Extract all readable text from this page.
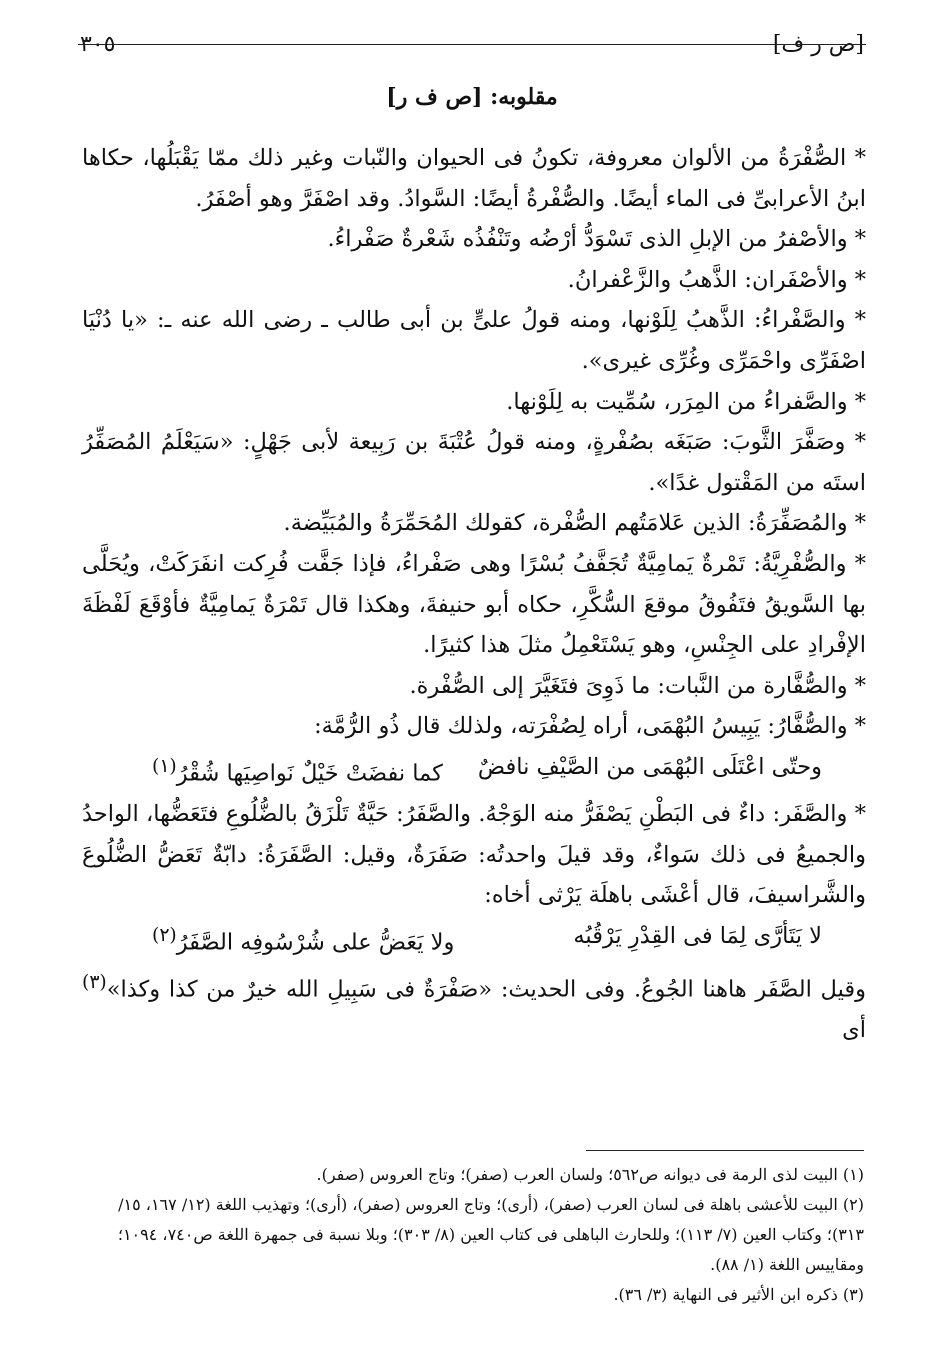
[ص ر ف]
٣٠٥
مقلوبه: [ص ف ر]

* الصُّفْرَةُ من الألوان معروفة، تكونُ فى الحيوان والنّبات وغير ذلك ممّا يَقْبَلُها، حكاها ابنُ الأعرابىِّ فى الماء أيضًا. والصُّفْرةُ أيضًا: السَّوادُ. وقد اصْفَرَّ وهو أصْفَرُ.

* والأصْفرُ من الإبلِ الذى تَسْوَدُّ أرْضُه وتَنْفُذُه شَعْرةٌ صَفْراءُ.

* والأصْفَران: الذَّهبُ والزَّعْفرانُ.

* والصَّفْراءُ: الذَّهبُ لِلَوْنها، ومنه قولُ علىٍّ بن أبى طالب ـ رضى الله عنه ـ: «يا دُنْيَا اصْفَرِّى واحْمَرِّى وغُرِّى غيرى».

* والصَّفراءُ من المِرَر، سُمِّيت به لِلَوْنها.

* وصَفَّرَ الثَّوبَ: صَبَغَه بصُفْرةٍ، ومنه قولُ عُتْبَةَ بن رَبِيعة لأبى جَهْلٍ: «سَيَعْلَمُ المُصَفِّرُ استَه من المَقْتول غدًا».

* والمُصَفِّرَةُ: الذين عَلامَتُهم الصُّفْرة، كقولك المُحَمِّرَةُ والمُبَيِّضة.

* والصُّفْرِيَّةُ: تَمْرةٌ يَمامِيَّةٌ تُجَفَّفُ بُسْرًا وهى صَفْراءُ، فإذا جَفَّت فُرِكت انفَرَكَتْ، ويُحَلَّى بها السَّويقُ فتَفُوقُ موقعَ السُّكَّرِ، حكاه أبو حنيفةَ، وهكذا قال تَمْرَةٌ يَمامِيَّةٌ فأوْقَعَ لَفْظَةَ الإفْرادِ على الجِنْسِ، وهو يَسْتَعْمِلُ مثلَ هذا كثيرًا.

* والصُّفَّارة من النَّبات: ما ذَوِىَ فتَغَيَّرَ إلى الصُّفْرة.

* والصُّفَّارُ: يَبِيسُ البُهْمَى، أراه لِصُفْرَته، ولذلك قال ذُو الرُّمَّة:

وحتّى اعْتَلَى البُهْمَى من الصَّيْفِ نافضٌ
كما نفضَتْ خَيْلٌ نَواصِيَها شُقْرُ$^{(١)}$

* والصَّفَر: داءٌ فى البَطْنِ يَصْفَرُّ منه الوَجْهُ. والصَّفَرُ: حَيَّةٌ تَلْزَقُ بالضُّلُوعِ فتَعَضُّها، الواحدُ والجميعُ فى ذلك سَواءٌ، وقد قيلَ واحدتُه: صَفَرَةٌ، وقيل: الصَّفَرَةُ: دابّةٌ تَعَضُّ الضُّلُوعَ والشَّراسيفَ، قال أعْشَى باهلَة يَرْثى أخاه:

لا يَتَأرَّى لِمَا فى القِدْرِ يَرْقُبُه
ولا يَعَضُّ على شُرْسُوفِه الصَّفَرُ$^{(٢)}$

وقيل الصَّفَر هاهنا الجُوعُ. وفى الحديث: «صَفْرَةٌ فى سَبِيلِ الله خيرٌ من كذا وكذا»$^{(٣)}$ أى

(١) البيت لذى الرمة فى ديوانه ص٥٦٢؛ ولسان العرب (صفر)؛ وتاج العروس (صفر).

(٢) البيت للأعشى باهلة فى لسان العرب (صفر)، (أرى)؛ وتاج العروس (صفر)، (أرى)؛ وتهذيب اللغة (١٢/ ١٦٧، ١٥/ ٣١٣)؛ وكتاب العين (٧/ ١١٣)؛ وللحارث الباهلى فى كتاب العين (٨/ ٣٠٣)؛ وبلا نسبة فى جمهرة اللغة ص٧٤٠، ١٠٩٤؛ ومقاييس اللغة (١/ ٨٨).

(٣) ذكره ابن الأثير فى النهاية (٣/ ٣٦).
